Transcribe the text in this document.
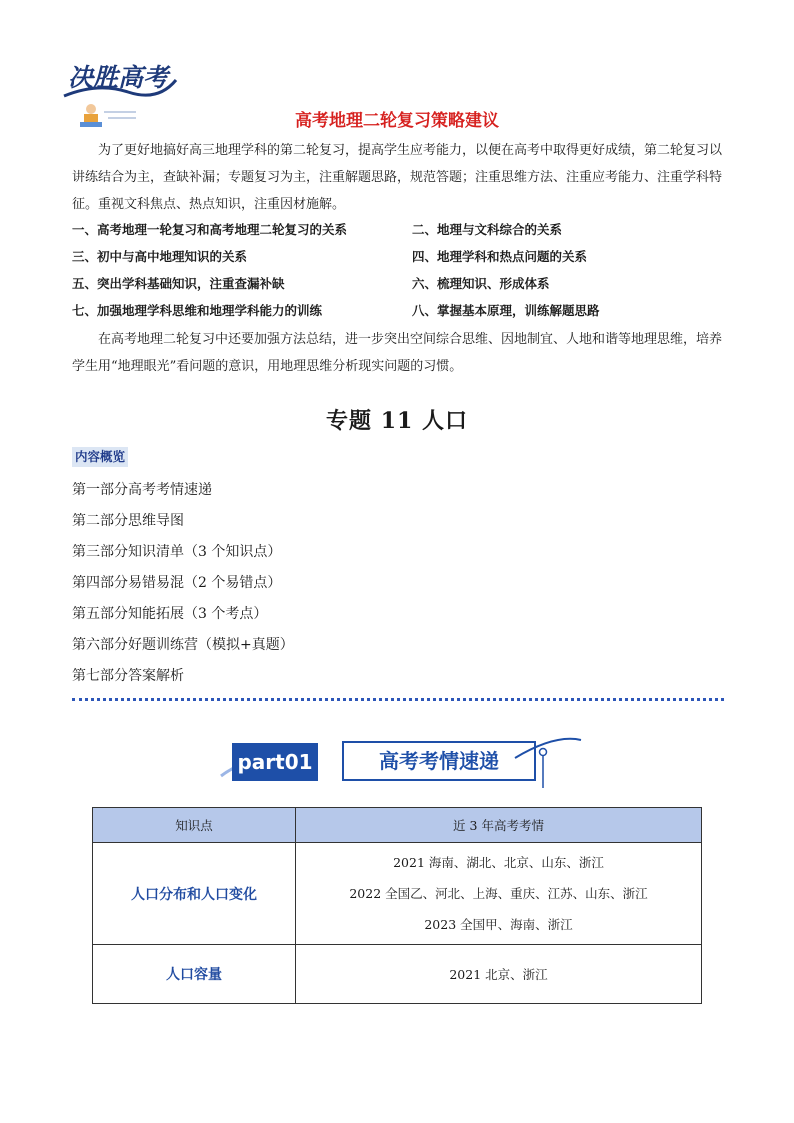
决胜高考
高考地理二轮复习策略建议
为了更好地搞好高三地理学科的第二轮复习，提高学生应考能力，以便在高考中取得更好成绩，第二轮复习以讲练结合为主，查缺补漏；专题复习为主，注重解题思路，规范答题；注重思维方法、注重应考能力、注重学科特征。重视文科焦点、热点知识，注重因材施解。
一、高考地理一轮复习和高考地理二轮复习的关系	二、地理与文科综合的关系
三、初中与高中地理知识的关系	四、地理学科和热点问题的关系
五、突出学科基础知识，注重查漏补缺	六、梳理知识、形成体系
七、加强地理学科思维和地理学科能力的训练	八、掌握基本原理，训练解题思路
在高考地理二轮复习中还要加强方法总结，进一步突出空间综合思维、因地制宜、人地和谐等地理思维，培养学生用“地理眼光”看问题的意识，用地理思维分析现实问题的习惯。
专题 11 人口
内容概览
第一部分高考考情速递
第二部分思维导图
第三部分知识清单（3 个知识点）
第四部分易错易混（2 个易错点）
第五部分知能拓展（3 个考点）
第六部分好题训练营（模拟+真题）
第七部分答案解析
part01	高考考情速递
知识点	近 3 年高考考情
人口分布和人口变化	2021 海南、湖北、北京、山东、浙江
2022 全国乙、河北、上海、重庆、江苏、山东、浙江
2023 全国甲、海南、浙江

人口容量	2021 北京、浙江
